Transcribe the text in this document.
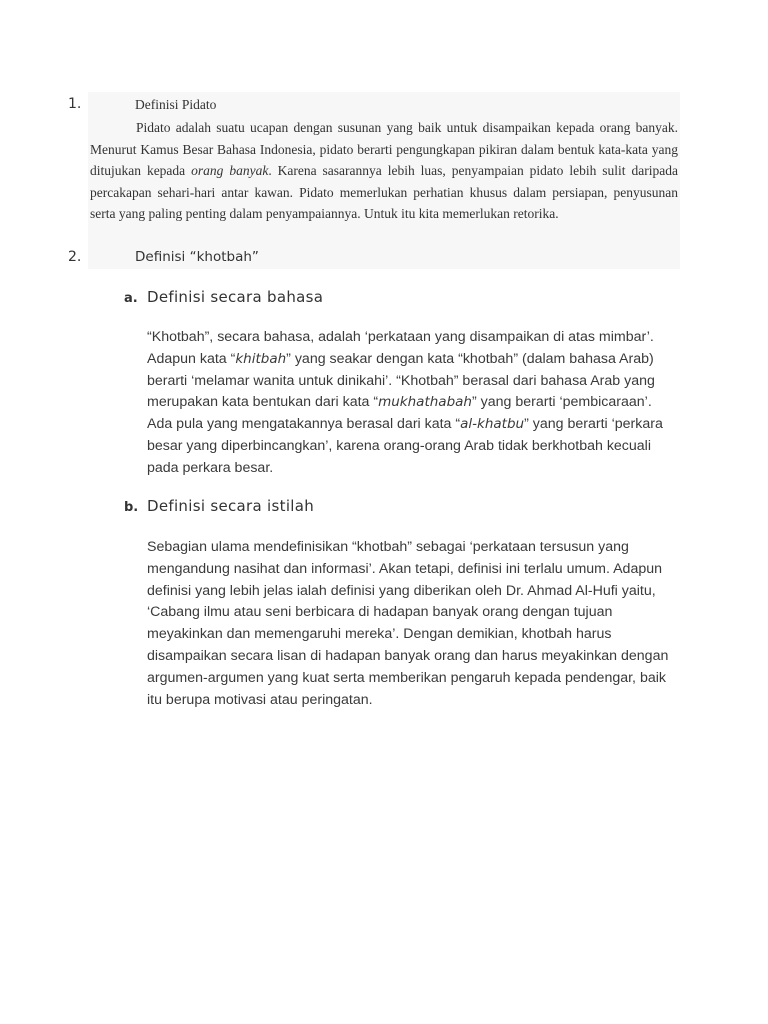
1.	Definisi Pidato

Pidato adalah suatu ucapan dengan susunan yang baik untuk disampaikan kepada orang banyak. Menurut Kamus Besar Bahasa Indonesia, pidato berarti pengungkapan pikiran dalam bentuk kata-kata yang ditujukan kepada orang banyak. Karena sasarannya lebih luas, penyampaian pidato lebih sulit daripada percakapan sehari-hari antar kawan. Pidato memerlukan perhatian khusus dalam persiapan, penyusunan serta yang paling penting dalam penyampaiannya. Untuk itu kita memerlukan retorika.

2.	Definisi “khotbah”
a. Definisi secara bahasa

“Khotbah”, secara bahasa, adalah ‘perkataan yang disampaikan di atas mimbar’. Adapun kata “khitbah” yang seakar dengan kata “khotbah” (dalam bahasa Arab) berarti ‘melamar wanita untuk dinikahi’. “Khotbah” berasal dari bahasa Arab yang merupakan kata bentukan dari kata “mukhathabah” yang berarti ‘pembicaraan’. Ada pula yang mengatakannya berasal dari kata “al-khatbu” yang berarti ‘perkara besar yang diperbincangkan’, karena orang-orang Arab tidak berkhotbah kecuali pada perkara besar.

b. Definisi secara istilah

Sebagian ulama mendefinisikan “khotbah” sebagai ‘perkataan tersusun yang mengandung nasihat dan informasi’. Akan tetapi, definisi ini terlalu umum. Adapun definisi yang lebih jelas ialah definisi yang diberikan oleh Dr. Ahmad Al-Hufi yaitu, ‘Cabang ilmu atau seni berbicara di hadapan banyak orang dengan tujuan meyakinkan dan memengaruhi mereka’. Dengan demikian, khotbah harus disampaikan secara lisan di hadapan banyak orang dan harus meyakinkan dengan argumen-argumen yang kuat serta memberikan pengaruh kepada pendengar, baik itu berupa motivasi atau peringatan.
